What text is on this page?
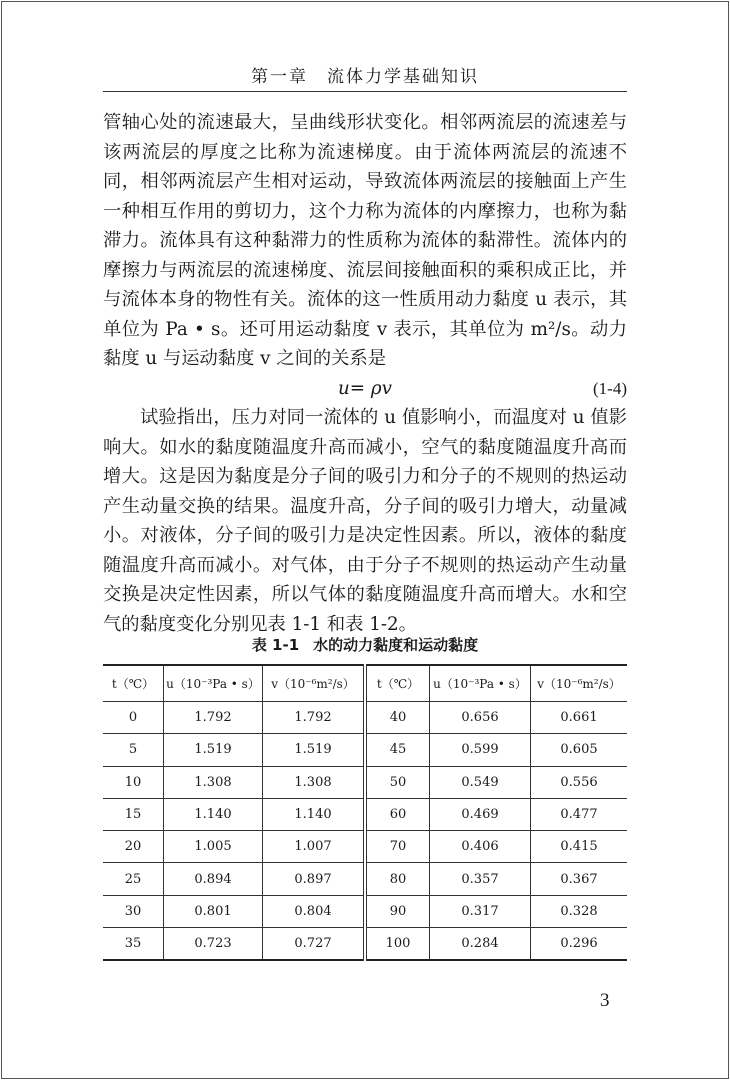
第一章　流体力学基础知识

管轴心处的流速最大，呈曲线形状变化。相邻两流层的流速差与该两流层的厚度之比称为流速梯度。由于流体两流层的流速不同，相邻两流层产生相对运动，导致流体两流层的接触面上产生一种相互作用的剪切力，这个力称为流体的内摩擦力，也称为黏滞力。流体具有这种黏滞力的性质称为流体的黏滞性。流体内的摩擦力与两流层的流速梯度、流层间接触面积的乘积成正比，并与流体本身的物性有关。流体的这一性质用动力黏度 u 表示，其单位为 Pa • s。还可用运动黏度 v 表示，其单位为 m²/s。动力黏度 u 与运动黏度 v 之间的关系是

u= ρv	(1-4)

试验指出，压力对同一流体的 u 值影响小，而温度对 u 值影响大。如水的黏度随温度升高而减小，空气的黏度随温度升高而增大。这是因为黏度是分子间的吸引力和分子的不规则的热运动产生动量交换的结果。温度升高，分子间的吸引力增大，动量减小。对液体，分子间的吸引力是决定性因素。所以，液体的黏度随温度升高而减小。对气体，由于分子不规则的热运动产生动量交换是决定性因素，所以气体的黏度随温度升高而增大。水和空气的黏度变化分别见表 1-1 和表 1-2。

表 1-1 水的动力黏度和运动黏度
t（℃）	u（10⁻³Pa • s）	v（10⁻⁶m²/s）	t（℃）	u（10⁻³Pa • s）	v（10⁻⁶m²/s）
0	1.792	1.792	40	0.656	0.661
5	1.519	1.519	45	0.599	0.605
10	1.308	1.308	50	0.549	0.556
15	1.140	1.140	60	0.469	0.477
20	1.005	1.007	70	0.406	0.415
25	0.894	0.897	80	0.357	0.367
30	0.801	0.804	90	0.317	0.328
35	0.723	0.727	100	0.284	0.296
3
